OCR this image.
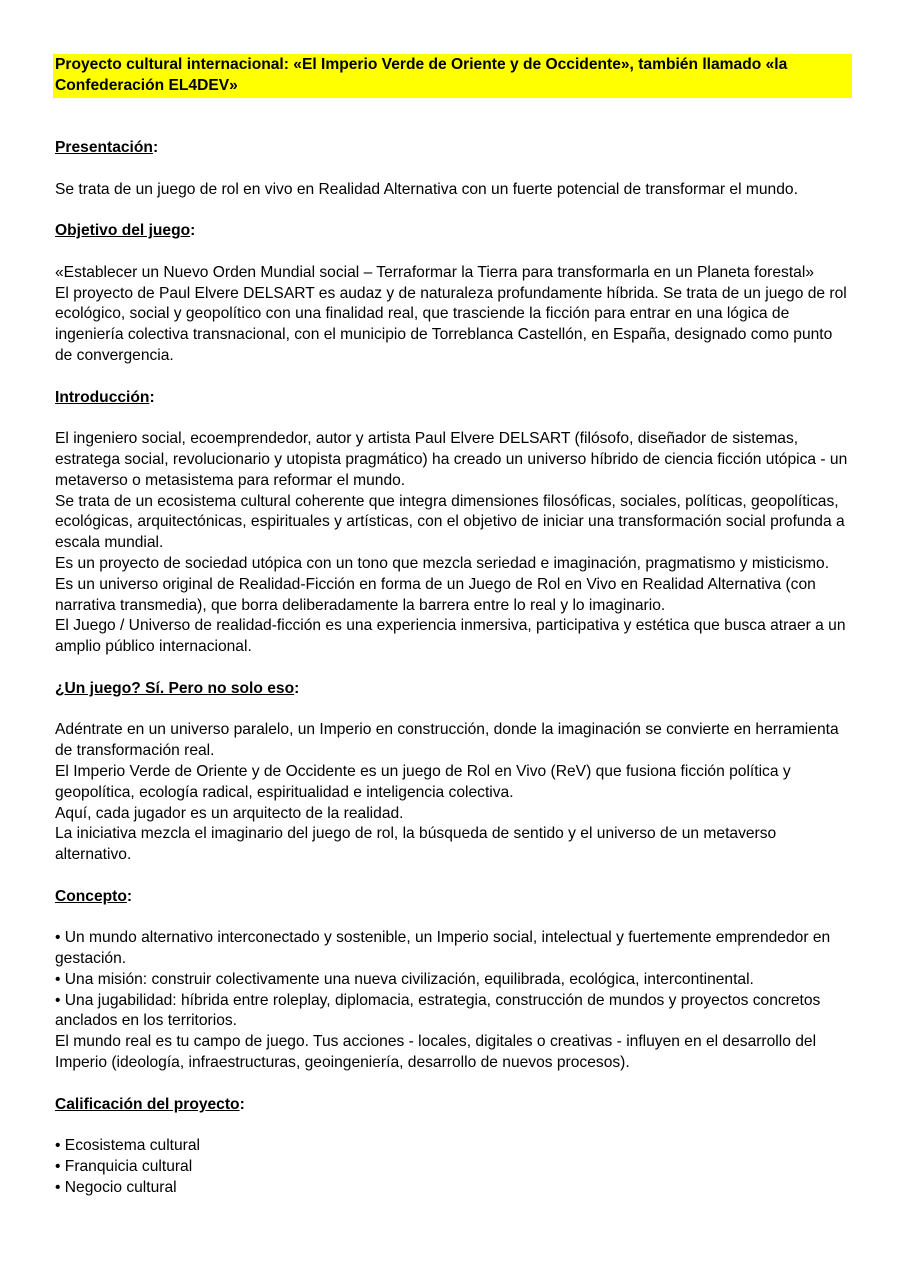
Proyecto cultural internacional: «El Imperio Verde de Oriente y de Occidente», también llamado «la Confederación EL4DEV»

Presentación:

Se trata de un juego de rol en vivo en Realidad Alternativa con un fuerte potencial de transformar el mundo.

Objetivo del juego:

«Establecer un Nuevo Orden Mundial social – Terraformar la Tierra para transformarla en un Planeta forestal»

El proyecto de Paul Elvere DELSART es audaz y de naturaleza profundamente híbrida. Se trata de un juego de rol ecológico, social y geopolítico con una finalidad real, que trasciende la ficción para entrar en una lógica de ingeniería colectiva transnacional, con el municipio de Torreblanca Castellón, en España, designado como punto de convergencia.

Introducción:

El ingeniero social, ecoemprendedor, autor y artista Paul Elvere DELSART (filósofo, diseñador de sistemas, estratega social, revolucionario y utopista pragmático) ha creado un universo híbrido de ciencia ficción utópica - un metaverso o metasistema para reformar el mundo.

Se trata de un ecosistema cultural coherente que integra dimensiones filosóficas, sociales, políticas, geopolíticas, ecológicas, arquitectónicas, espirituales y artísticas, con el objetivo de iniciar una transformación social profunda a escala mundial.

Es un proyecto de sociedad utópica con un tono que mezcla seriedad e imaginación, pragmatismo y misticismo. Es un universo original de Realidad-Ficción en forma de un Juego de Rol en Vivo en Realidad Alternativa (con narrativa transmedia), que borra deliberadamente la barrera entre lo real y lo imaginario.

El Juego / Universo de realidad-ficción es una experiencia inmersiva, participativa y estética que busca atraer a un amplio público internacional.

¿Un juego? Sí. Pero no solo eso:

Adéntrate en un universo paralelo, un Imperio en construcción, donde la imaginación se convierte en herramienta de transformación real.

El Imperio Verde de Oriente y de Occidente es un juego de Rol en Vivo (ReV) que fusiona ficción política y geopolítica, ecología radical, espiritualidad e inteligencia colectiva.

Aquí, cada jugador es un arquitecto de la realidad.

La iniciativa mezcla el imaginario del juego de rol, la búsqueda de sentido y el universo de un metaverso alternativo.

Concepto:

• Un mundo alternativo interconectado y sostenible, un Imperio social, intelectual y fuertemente emprendedor en gestación.

• Una misión: construir colectivamente una nueva civilización, equilibrada, ecológica, intercontinental.

• Una jugabilidad: híbrida entre roleplay, diplomacia, estrategia, construcción de mundos y proyectos concretos anclados en los territorios.

El mundo real es tu campo de juego. Tus acciones - locales, digitales o creativas - influyen en el desarrollo del Imperio (ideología, infraestructuras, geoingeniería, desarrollo de nuevos procesos).

Calificación del proyecto:

• Ecosistema cultural

• Franquicia cultural

• Negocio cultural
